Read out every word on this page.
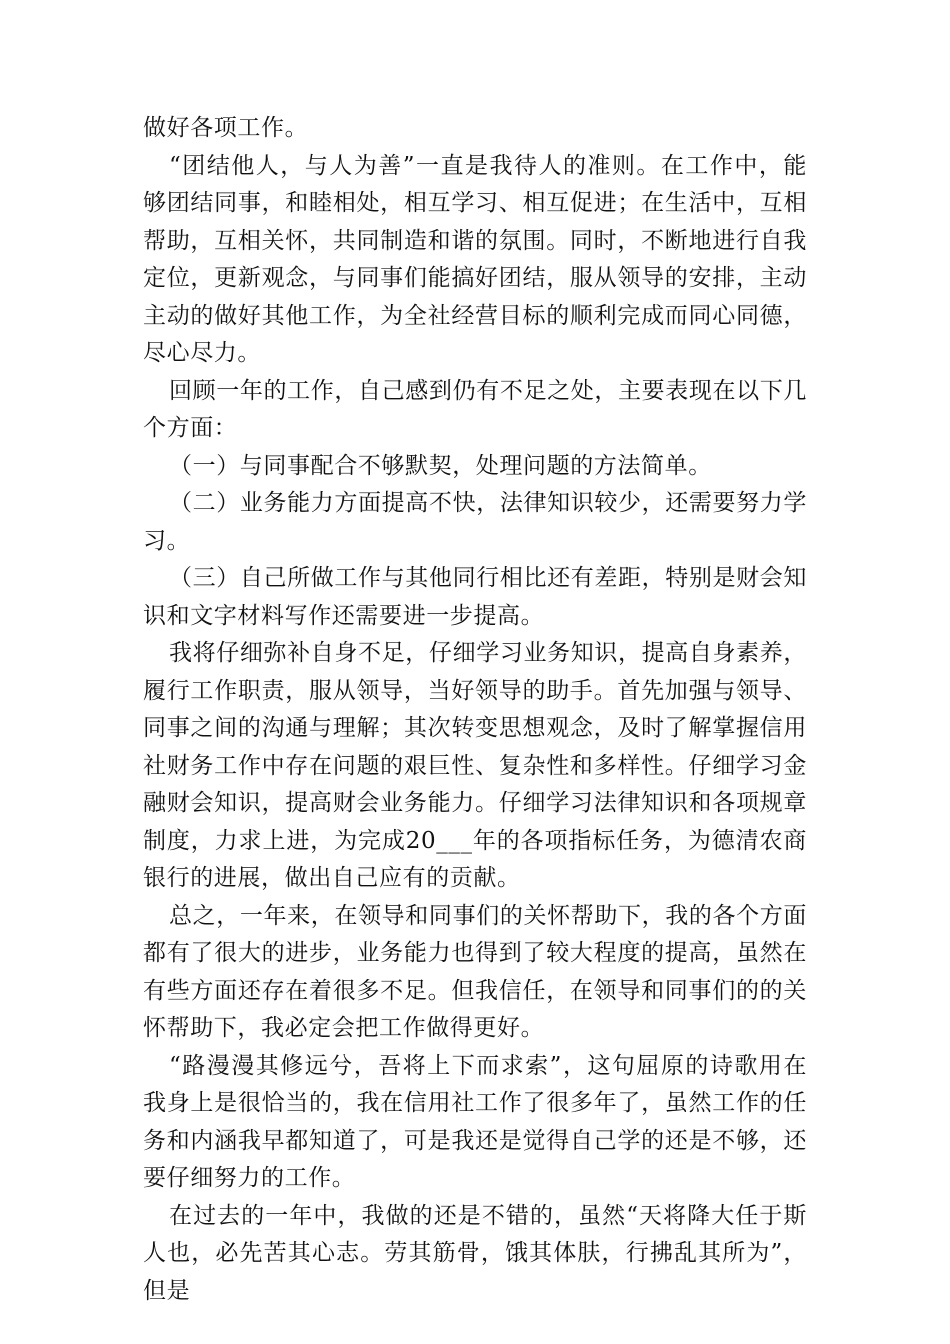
做好各项工作。

“团结他人，与人为善”一直是我待人的准则。在工作中，能够团结同事，和睦相处，相互学习、相互促进；在生活中，互相帮助，互相关怀，共同制造和谐的氛围。同时，不断地进行自我定位，更新观念，与同事们能搞好团结，服从领导的安排，主动主动的做好其他工作，为全社经营目标的顺利完成而同心同德，尽心尽力。

回顾一年的工作，自己感到仍有不足之处，主要表现在以下几个方面：

（一）与同事配合不够默契，处理问题的方法简单。

（二）业务能力方面提高不快，法律知识较少，还需要努力学习。

（三）自己所做工作与其他同行相比还有差距，特别是财会知识和文字材料写作还需要进一步提高。

我将仔细弥补自身不足，仔细学习业务知识，提高自身素养，履行工作职责，服从领导，当好领导的助手。首先加强与领导、同事之间的沟通与理解；其次转变思想观念，及时了解掌握信用社财务工作中存在问题的艰巨性、复杂性和多样性。仔细学习金融财会知识，提高财会业务能力。仔细学习法律知识和各项规章制度，力求上进，为完成20___年的各项指标任务，为德清农商银行的进展，做出自己应有的贡献。

总之，一年来，在领导和同事们的关怀帮助下，我的各个方面都有了很大的进步，业务能力也得到了较大程度的提高，虽然在有些方面还存在着很多不足。但我信任，在领导和同事们的的关怀帮助下，我必定会把工作做得更好。

“路漫漫其修远兮，吾将上下而求索”，这句屈原的诗歌用在我身上是很恰当的，我在信用社工作了很多年了，虽然工作的任务和内涵我早都知道了，可是我还是觉得自己学的还是不够，还要仔细努力的工作。

在过去的一年中，我做的还是不错的，虽然“天将降大任于斯人也，必先苦其心志。劳其筋骨，饿其体肤，行拂乱其所为”，但是
